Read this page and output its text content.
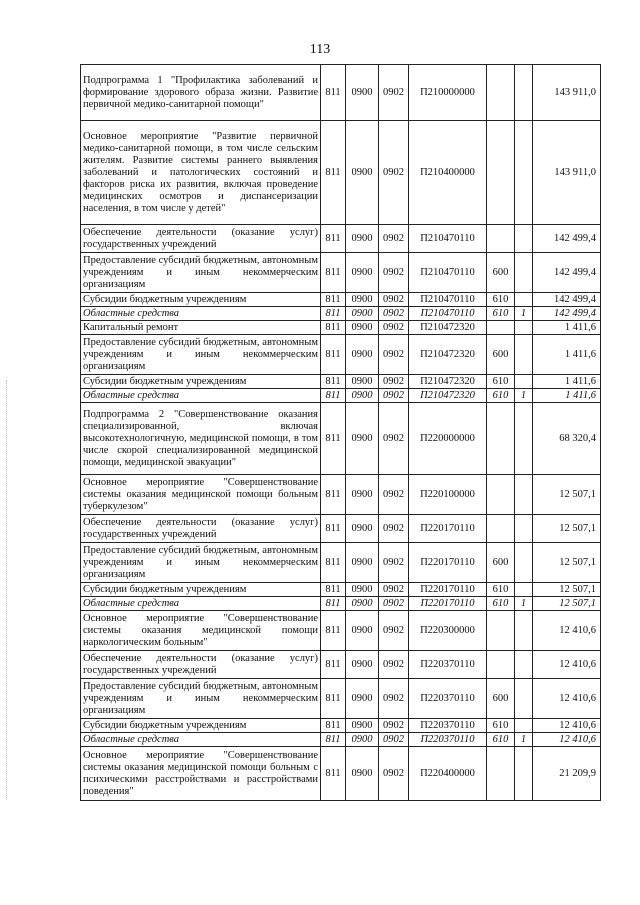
113
Подпрограмма 1 "Профилактика заболеваний и формирование здорового образа жизни. Развитие первичной медико-санитарной помощи"	811	0900	0902	П210000000			143 911,0
Основное мероприятие "Развитие первичной медико-санитарной помощи, в том числе сельским жителям. Развитие системы раннего выявления заболеваний и патологических состояний и факторов риска их развития, включая проведение медицинских осмотров и диспансеризации населения, в том числе у детей"	811	0900	0902	П210400000			143 911,0
Обеспечение деятельности (оказание услуг) государственных учреждений	811	0900	0902	П210470110			142 499,4
Предоставление субсидий бюджетным, автономным учреждениям и иным некоммерческим организациям	811	0900	0902	П210470110	600		142 499,4
Субсидии бюджетным учреждениям	811	0900	0902	П210470110	610		142 499,4
Областные средства	811	0900	0902	П210470110	610	1	142 499,4
Капитальный ремонт	811	0900	0902	П210472320			1 411,6
Предоставление субсидий бюджетным, автономным учреждениям и иным некоммерческим организациям	811	0900	0902	П210472320	600		1 411,6
Субсидии бюджетным учреждениям	811	0900	0902	П210472320	610		1 411,6
Областные средства	811	0900	0902	П210472320	610	1	1 411,6
Подпрограмма 2 "Совершенствование оказания специализированной, включая высокотехнологичную, медицинской помощи, в том числе скорой специализированной медицинской помощи, медицинской эвакуации"	811	0900	0902	П220000000			68 320,4
Основное мероприятие "Совершенствование системы оказания медицинской помощи больным туберкулезом"	811	0900	0902	П220100000			12 507,1
Обеспечение деятельности (оказание услуг) государственных учреждений	811	0900	0902	П220170110			12 507,1
Предоставление субсидий бюджетным, автономным учреждениям и иным некоммерческим организациям	811	0900	0902	П220170110	600		12 507,1
Субсидии бюджетным учреждениям	811	0900	0902	П220170110	610		12 507,1
Областные средства	811	0900	0902	П220170110	610	1	12 507,1
Основное мероприятие "Совершенствование системы оказания медицинской помощи наркологическим больным"	811	0900	0902	П220300000			12 410,6
Обеспечение деятельности (оказание услуг) государственных учреждений	811	0900	0902	П220370110			12 410,6
Предоставление субсидий бюджетным, автономным учреждениям и иным некоммерческим организациям	811	0900	0902	П220370110	600		12 410,6
Субсидии бюджетным учреждениям	811	0900	0902	П220370110	610		12 410,6
Областные средства	811	0900	0902	П220370110	610	1	12 410,6
Основное мероприятие "Совершенствование системы оказания медицинской помощи больным с психическими расстройствами и расстройствами поведения"	811	0900	0902	П220400000			21 209,9
